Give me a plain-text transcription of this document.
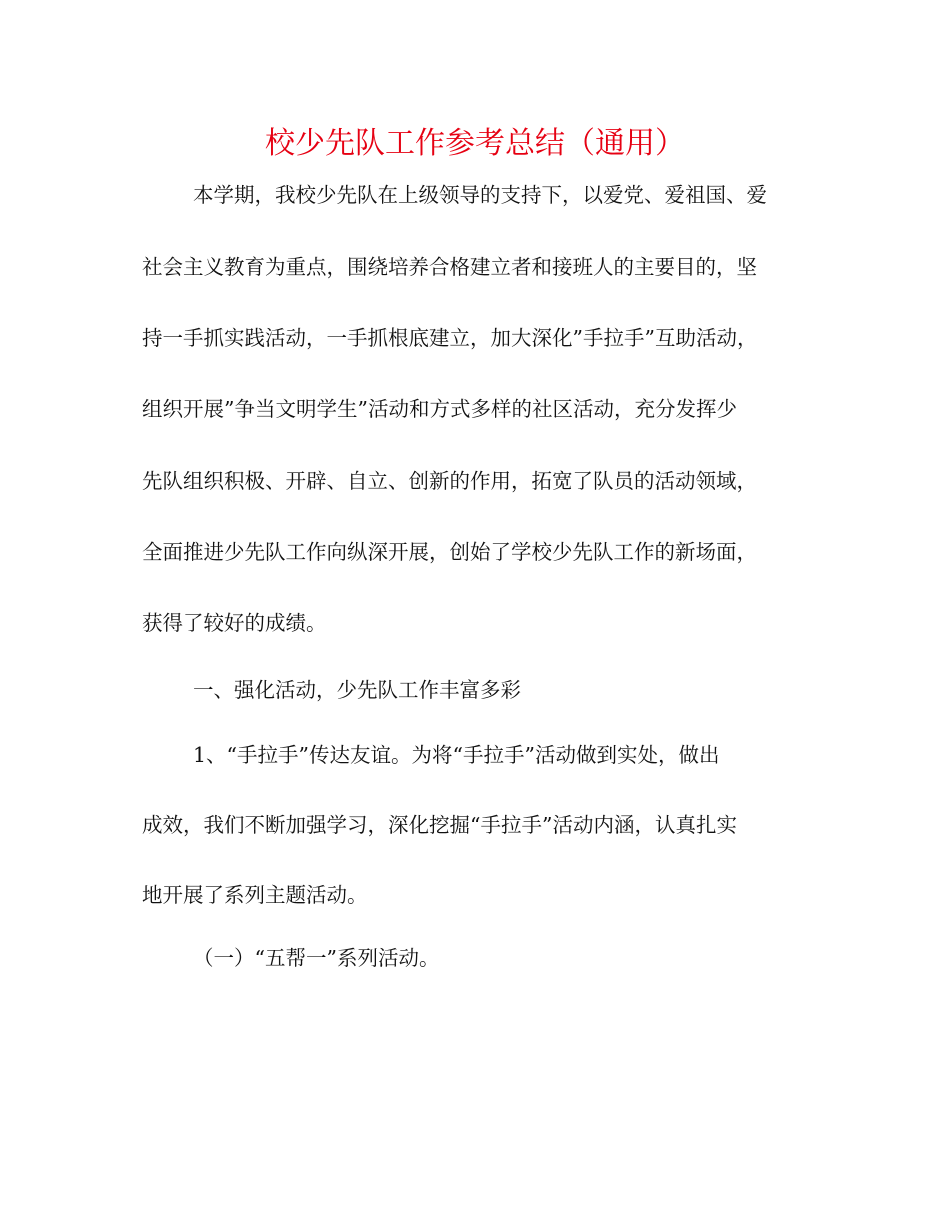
校少先队工作参考总结（通用）
本学期，我校少先队在上级领导的支持下，以爱党、爱祖国、爱
社会主义教育为重点，围绕培养合格建立者和接班人的主要目的，坚
持一手抓实践活动，一手抓根底建立，加大深化”手拉手”互助活动，
组织开展”争当文明学生”活动和方式多样的社区活动，充分发挥少
先队组织积极、开辟、自立、创新的作用，拓宽了队员的活动领域，
全面推进少先队工作向纵深开展，创始了学校少先队工作的新场面，
获得了较好的成绩。
一、强化活动，少先队工作丰富多彩
1、“手拉手”传达友谊。为将“手拉手”活动做到实处，做出
成效，我们不断加强学习，深化挖掘“手拉手”活动内涵，认真扎实
地开展了系列主题活动。
（一）“五帮一”系列活动。
